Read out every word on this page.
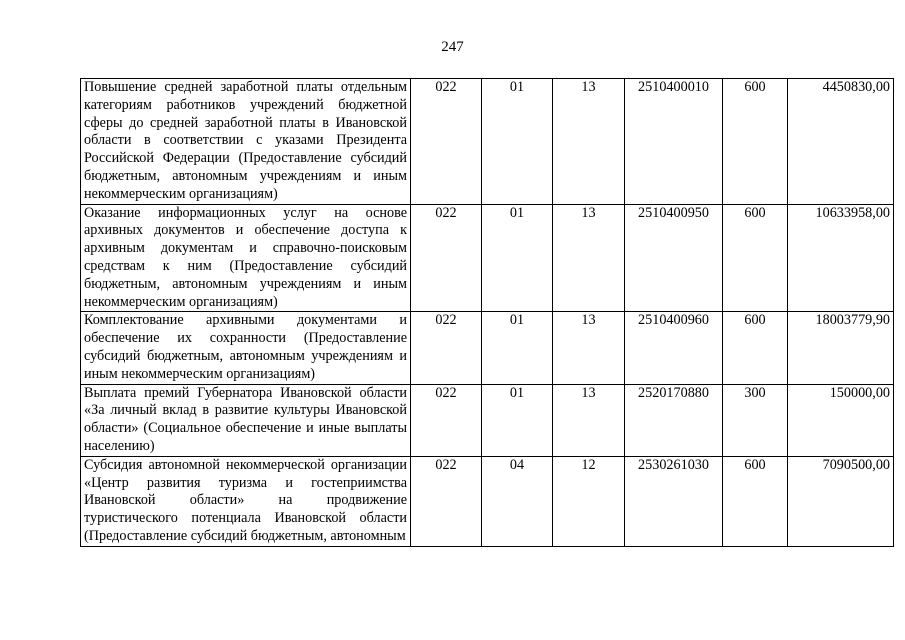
247
Повышение средней заработной платы отдельным категориям работников учреждений бюджетной сферы до средней заработной платы в Ивановской области в соответствии с указами Президента Российской Федерации (Предоставление субсидий бюджетным, автономным учреждениям и иным некоммерческим организациям)	022	01	13	2510400010	600	4450830,00
Оказание информационных услуг на основе архивных документов и обеспечение доступа к архивным документам и справочно-поисковым средствам к ним (Предоставление субсидий бюджетным, автономным учреждениям и иным некоммерческим организациям)	022	01	13	2510400950	600	10633958,00
Комплектование архивными документами и обеспечение их сохранности (Предоставление субсидий бюджетным, автономным учреждениям и иным некоммерческим организациям)	022	01	13	2510400960	600	18003779,90
Выплата премий Губернатора Ивановской области «За личный вклад в развитие культуры Ивановской области» (Социальное обеспечение и иные выплаты населению)	022	01	13	2520170880	300	150000,00
Субсидия автономной некоммерческой организации «Центр развития туризма и гостеприимства Ивановской области» на продвижение туристического потенциала Ивановской области (Предоставление субсидий бюджетным, автономным	022	04	12	2530261030	600	7090500,00
